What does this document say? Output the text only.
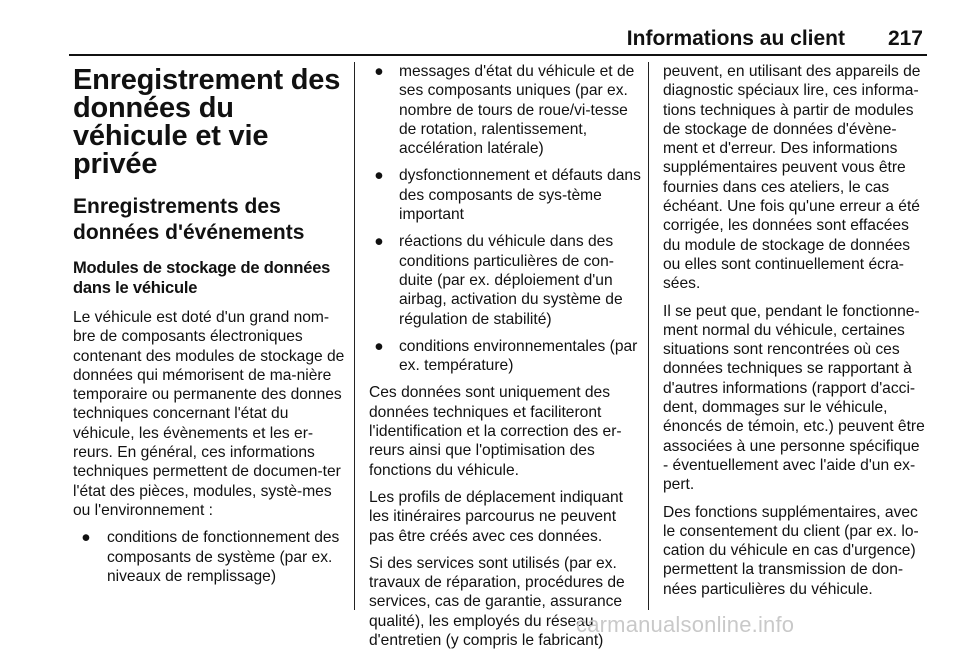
Informations au client 217
Enregistrement des données du véhicule et vie privée
Enregistrements des données d'événements
Modules de stockage de données dans le véhicule

Le véhicule est doté d'un grand nom-bre de composants électroniques contenant des modules de stockage de données qui mémorisent de ma-nière temporaire ou permanente des donnes techniques concernant l'état du véhicule, les évènements et les er-reurs. En général, ces informations techniques permettent de documen-ter l'état des pièces, modules, systè-mes ou l'environnement :

● conditions de fonctionnement des composants de système (par ex. niveaux de remplissage)
● messages d'état du véhicule et de ses composants uniques (par ex. nombre de tours de roue/vi-tesse de rotation, ralentissement, accélération latérale)
● dysfonctionnement et défauts dans des composants de sys-tème important
● réactions du véhicule dans des conditions particulières de con-duite (par ex. déploiement d'un airbag, activation du système de régulation de stabilité)
● conditions environnementales (par ex. température)

Ces données sont uniquement des données techniques et faciliteront l'identification et la correction des er-reurs ainsi que l'optimisation des fonctions du véhicule.

Les profils de déplacement indiquant les itinéraires parcourus ne peuvent pas être créés avec ces données.

Si des services sont utilisés (par ex. travaux de réparation, procédures de services, cas de garantie, assurance qualité), les employés du réseau d'entretien (y compris le fabricant)

peuvent, en utilisant des appareils de diagnostic spéciaux lire, ces informa-tions techniques à partir de modules de stockage de données d'évène-ment et d'erreur. Des informations supplémentaires peuvent vous être fournies dans ces ateliers, le cas échéant. Une fois qu'une erreur a été corrigée, les données sont effacées du module de stockage de données ou elles sont continuellement écra-sées.

Il se peut que, pendant le fonctionne-ment normal du véhicule, certaines situations sont rencontrées où ces données techniques se rapportant à d'autres informations (rapport d'acci-dent, dommages sur le véhicule, énoncés de témoin, etc.) peuvent être associées à une personne spécifique - éventuellement avec l'aide d'un ex-pert.

Des fonctions supplémentaires, avec le consentement du client (par ex. lo-cation du véhicule en cas d'urgence) permettent la transmission de don-nées particulières du véhicule.

carmanualsonline.info
